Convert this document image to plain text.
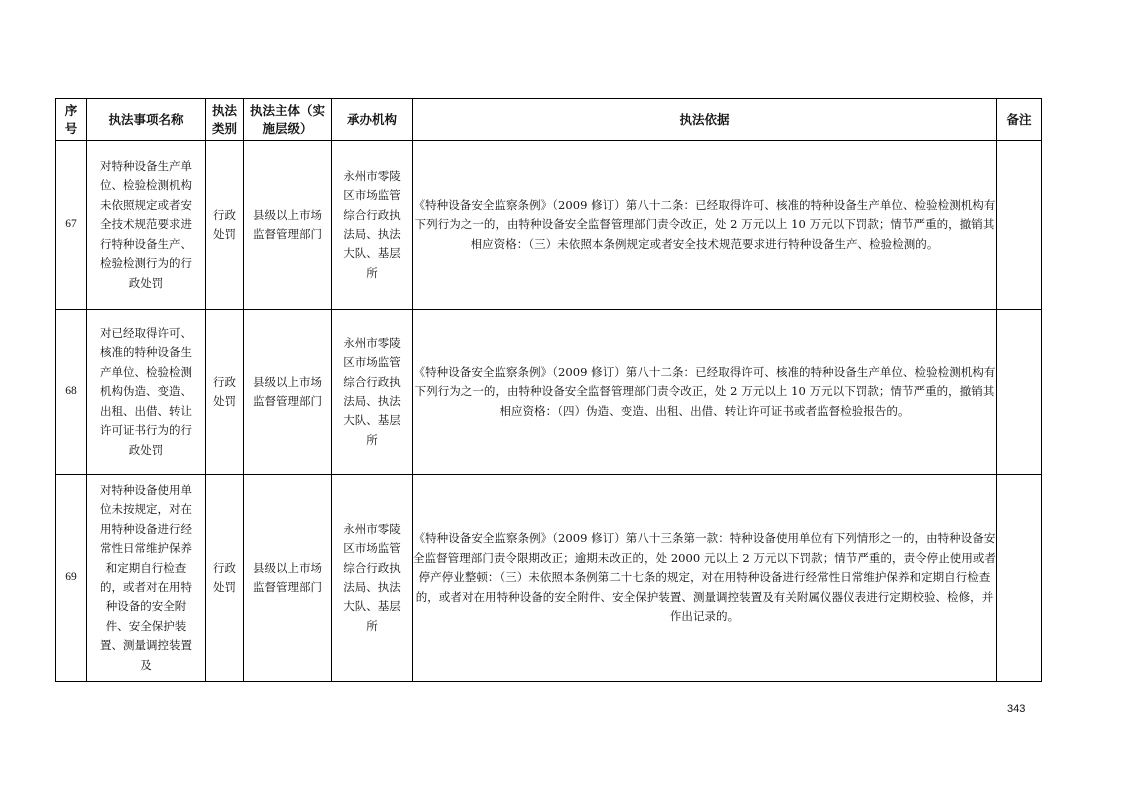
序号	执法事项名称	执法类别	执法主体（实施层级）	承办机构	执法依据	备注
67	对特种设备生产单位、检验检测机构未依照规定或者安全技术规范要求进行特种设备生产、检验检测行为的行政处罚	行政处罚	县级以上市场监督管理部门	永州市零陵区市场监管综合行政执法局、执法大队、基层所	《特种设备安全监察条例》（2009 修订）第八十二条：已经取得许可、核准的特种设备生产单位、检验检测机构有下列行为之一的，由特种设备安全监督管理部门责令改正，处 2 万元以上 10 万元以下罚款；情节严重的，撤销其相应资格：（三）未依照本条例规定或者安全技术规范要求进行特种设备生产、检验检测的。	
68	对已经取得许可、核准的特种设备生产单位、检验检测机构伪造、变造、出租、出借、转让许可证书行为的行政处罚	行政处罚	县级以上市场监督管理部门	永州市零陵区市场监管综合行政执法局、执法大队、基层所	《特种设备安全监察条例》（2009 修订）第八十二条：已经取得许可、核准的特种设备生产单位、检验检测机构有下列行为之一的，由特种设备安全监督管理部门责令改正，处 2 万元以上 10 万元以下罚款；情节严重的，撤销其相应资格：（四）伪造、变造、出租、出借、转让许可证书或者监督检验报告的。	
69	对特种设备使用单位未按规定，对在用特种设备进行经常性日常维护保养和定期自行检查的，或者对在用特种设备的安全附件、安全保护装置、测量调控装置及	行政处罚	县级以上市场监督管理部门	永州市零陵区市场监管综合行政执法局、执法大队、基层所	《特种设备安全监察条例》（2009 修订）第八十三条第一款：特种设备使用单位有下列情形之一的，由特种设备安全监督管理部门责令限期改正；逾期未改正的，处 2000 元以上 2 万元以下罚款；情节严重的，责令停止使用或者停产停业整顿：（三）未依照本条例第二十七条的规定，对在用特种设备进行经常性日常维护保养和定期自行检查的，或者对在用特种设备的安全附件、安全保护装置、测量调控装置及有关附属仪器仪表进行定期校验、检修，并作出记录的。	
343
